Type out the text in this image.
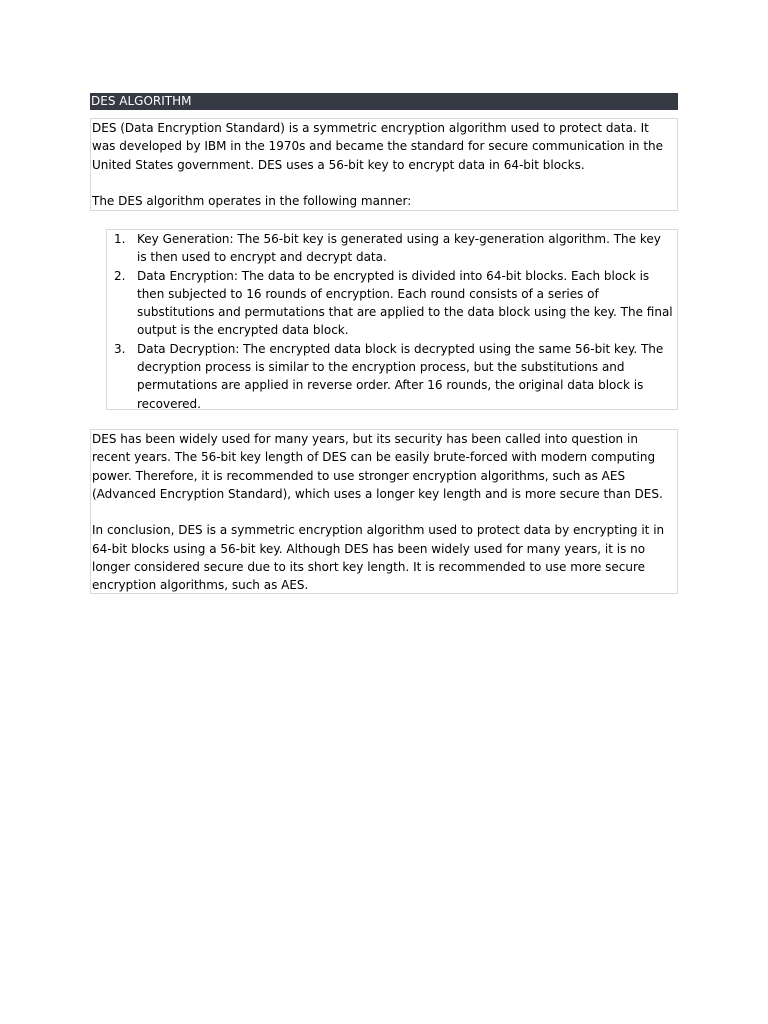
DES ALGORITHM

DES (Data Encryption Standard) is a symmetric encryption algorithm used to protect data. It was developed by IBM in the 1970s and became the standard for secure communication in the United States government. DES uses a 56-bit key to encrypt data in 64-bit blocks.

The DES algorithm operates in the following manner:

Key Generation: The 56-bit key is generated using a key-generation algorithm. The key is then used to encrypt and decrypt data.
Data Encryption: The data to be encrypted is divided into 64-bit blocks. Each block is then subjected to 16 rounds of encryption. Each round consists of a series of substitutions and permutations that are applied to the data block using the key. The final output is the encrypted data block.
Data Decryption: The encrypted data block is decrypted using the same 56-bit key. The decryption process is similar to the encryption process, but the substitutions and permutations are applied in reverse order. After 16 rounds, the original data block is recovered.

DES has been widely used for many years, but its security has been called into question in recent years. The 56-bit key length of DES can be easily brute-forced with modern computing power. Therefore, it is recommended to use stronger encryption algorithms, such as AES (Advanced Encryption Standard), which uses a longer key length and is more secure than DES.

In conclusion, DES is a symmetric encryption algorithm used to protect data by encrypting it in 64-bit blocks using a 56-bit key. Although DES has been widely used for many years, it is no longer considered secure due to its short key length. It is recommended to use more secure encryption algorithms, such as AES.
